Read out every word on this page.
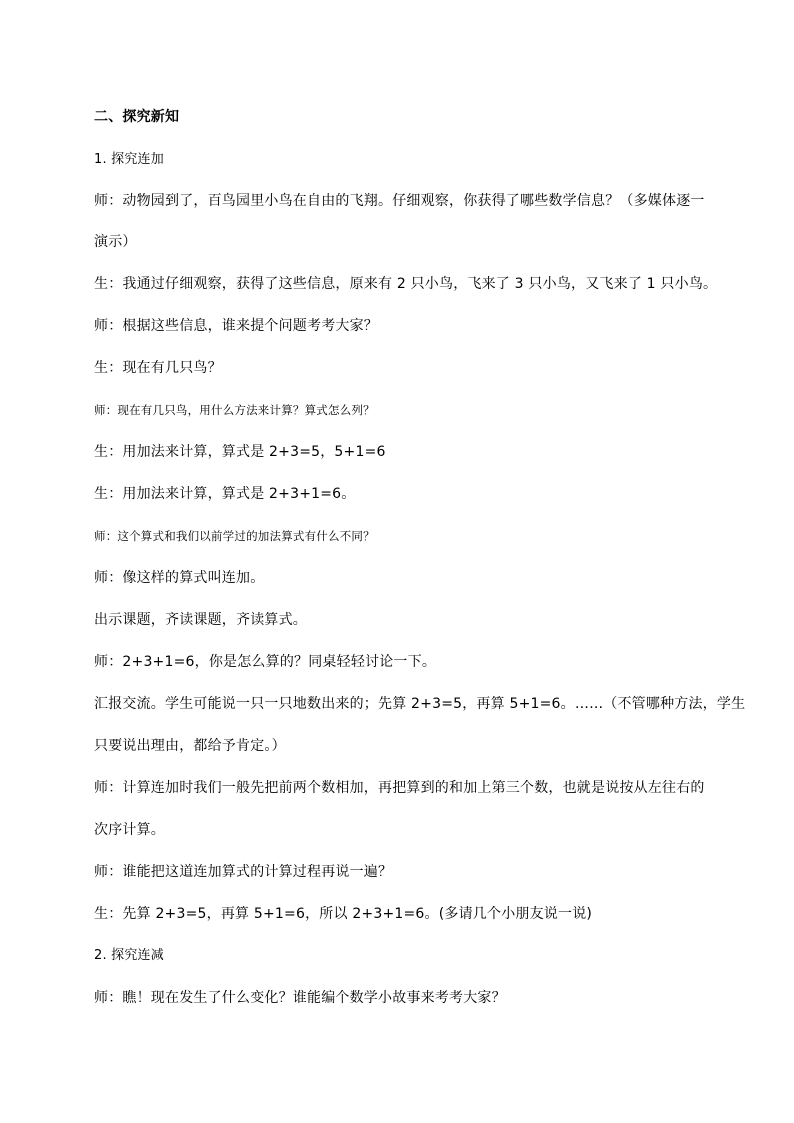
二、探究新知
1. 探究连加
师：动物园到了，百鸟园里小鸟在自由的飞翔。仔细观察，你获得了哪些数学信息？（多媒体逐一
演示）
生：我通过仔细观察，获得了这些信息，原来有 2 只小鸟，飞来了 3 只小鸟，又飞来了 1 只小鸟。
师：根据这些信息，谁来提个问题考考大家？
生：现在有几只鸟？
师：现在有几只鸟，用什么方法来计算？算式怎么列？
生：用加法来计算，算式是 2+3=5，5+1=6
生：用加法来计算，算式是 2+3+1=6。
师：这个算式和我们以前学过的加法算式有什么不同？
师：像这样的算式叫连加。
出示课题，齐读课题，齐读算式。
师：2+3+1=6，你是怎么算的？同桌轻轻讨论一下。
汇报交流。学生可能说一只一只地数出来的；先算 2+3=5，再算 5+1=6。……（不管哪种方法，学生
只要说出理由，都给予肯定。）
师：计算连加时我们一般先把前两个数相加，再把算到的和加上第三个数，也就是说按从左往右的
次序计算。
师：谁能把这道连加算式的计算过程再说一遍？
生：先算 2+3=5，再算 5+1=6，所以 2+3+1=6。(多请几个小朋友说一说)
2. 探究连减
师：瞧！现在发生了什么变化？谁能编个数学小故事来考考大家？
